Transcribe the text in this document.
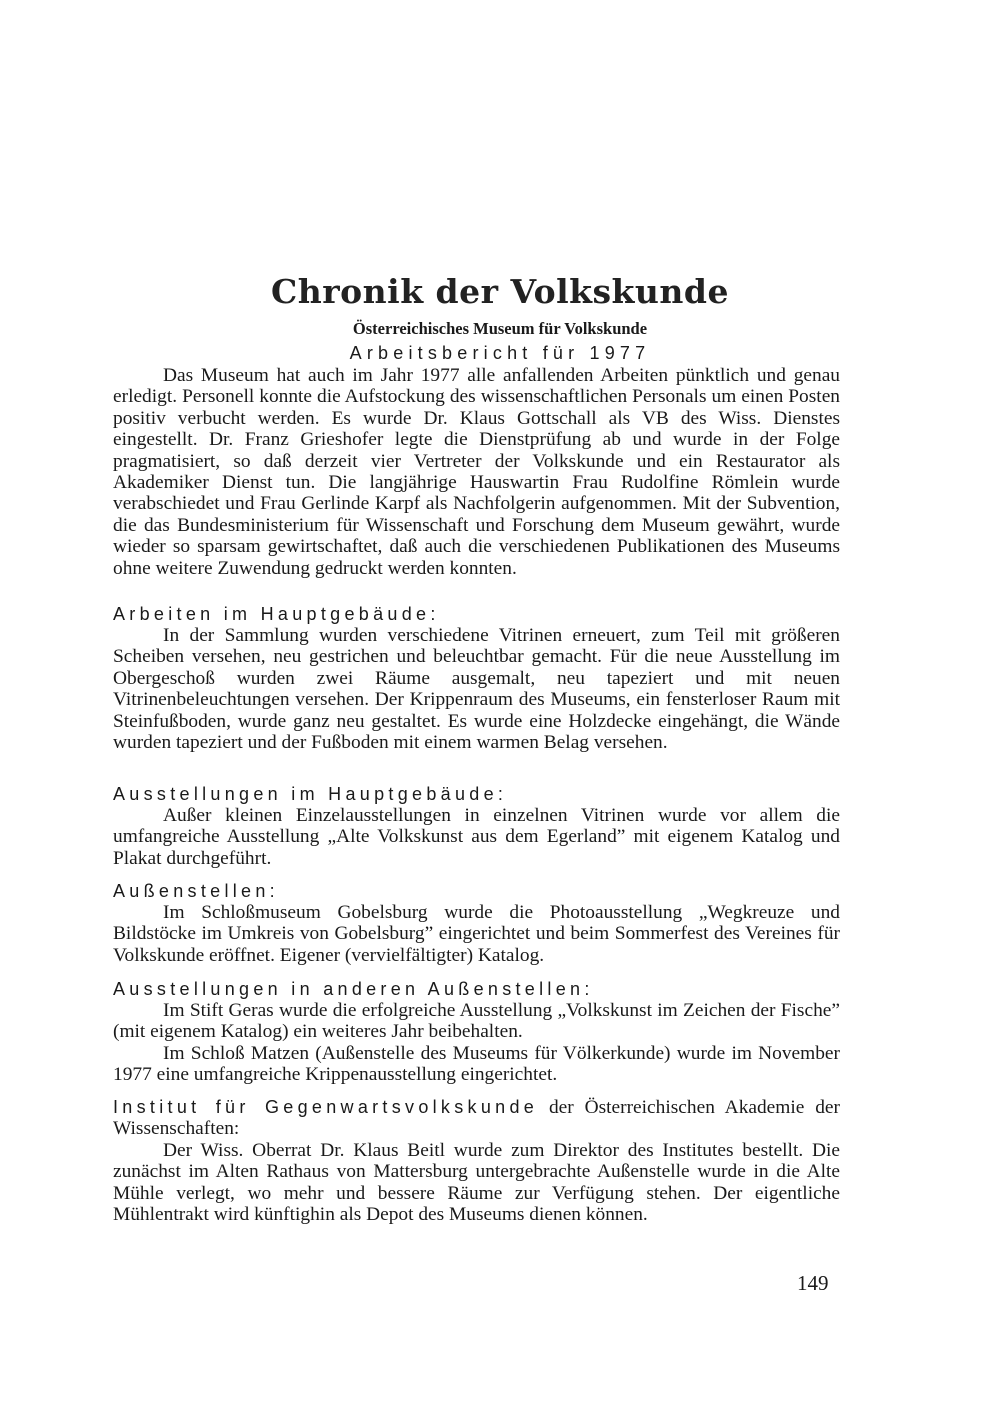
Chronik der Volkskunde
Österreichisches Museum für Volkskunde
Arbeitsbericht für 1977

Das Museum hat auch im Jahr 1977 alle anfallenden Arbeiten pünktlich und genau erledigt. Personell konnte die Aufstockung des wissenschaftlichen Personals um einen Posten positiv verbucht werden. Es wurde Dr. Klaus Gottschall als VB des Wiss. Dienstes eingestellt. Dr. Franz Grieshofer legte die Dienstprüfung ab und wurde in der Folge pragmatisiert, so daß derzeit vier Vertreter der Volkskunde und ein Restaurator als Akademiker Dienst tun. Die langjährige Hauswartin Frau Rudolfine Römlein wurde verabschiedet und Frau Gerlinde Karpf als Nachfolgerin aufgenommen. Mit der Subvention, die das Bundesministerium für Wissenschaft und Forschung dem Museum gewährt, wurde wieder so sparsam gewirtschaftet, daß auch die verschiedenen Publikationen des Museums ohne weitere Zuwendung gedruckt werden konnten.

Arbeiten im Hauptgebäude:

In der Sammlung wurden verschiedene Vitrinen erneuert, zum Teil mit größeren Scheiben versehen, neu gestrichen und beleuchtbar gemacht. Für die neue Ausstellung im Obergeschoß wurden zwei Räume ausgemalt, neu tapeziert und mit neuen Vitrinenbeleuchtungen versehen. Der Krippenraum des Museums, ein fensterloser Raum mit Steinfußboden, wurde ganz neu gestaltet. Es wurde eine Holzdecke eingehängt, die Wände wurden tapeziert und der Fußboden mit einem warmen Belag versehen.

Ausstellungen im Hauptgebäude:

Außer kleinen Einzelausstellungen in einzelnen Vitrinen wurde vor allem die umfangreiche Ausstellung „Alte Volkskunst aus dem Egerland” mit eigenem Katalog und Plakat durchgeführt.

Außenstellen:

Im Schloßmuseum Gobelsburg wurde die Photoausstellung „Wegkreuze und Bildstöcke im Umkreis von Gobelsburg” eingerichtet und beim Sommerfest des Vereines für Volkskunde eröffnet. Eigener (vervielfältigter) Katalog.

Ausstellungen in anderen Außenstellen:

Im Stift Geras wurde die erfolgreiche Ausstellung „Volkskunst im Zeichen der Fische” (mit eigenem Katalog) ein weiteres Jahr beibehalten.

Im Schloß Matzen (Außenstelle des Museums für Völkerkunde) wurde im November 1977 eine umfangreiche Krippenausstellung eingerichtet.

Institut für Gegenwartsvolkskunde der Österreichischen Akademie der Wissenschaften:

Der Wiss. Oberrat Dr. Klaus Beitl wurde zum Direktor des Institutes bestellt. Die zunächst im Alten Rathaus von Mattersburg untergebrachte Außenstelle wurde in die Alte Mühle verlegt, wo mehr und bessere Räume zur Verfügung stehen. Der eigentliche Mühlentrakt wird künftighin als Depot des Museums dienen können.

149
